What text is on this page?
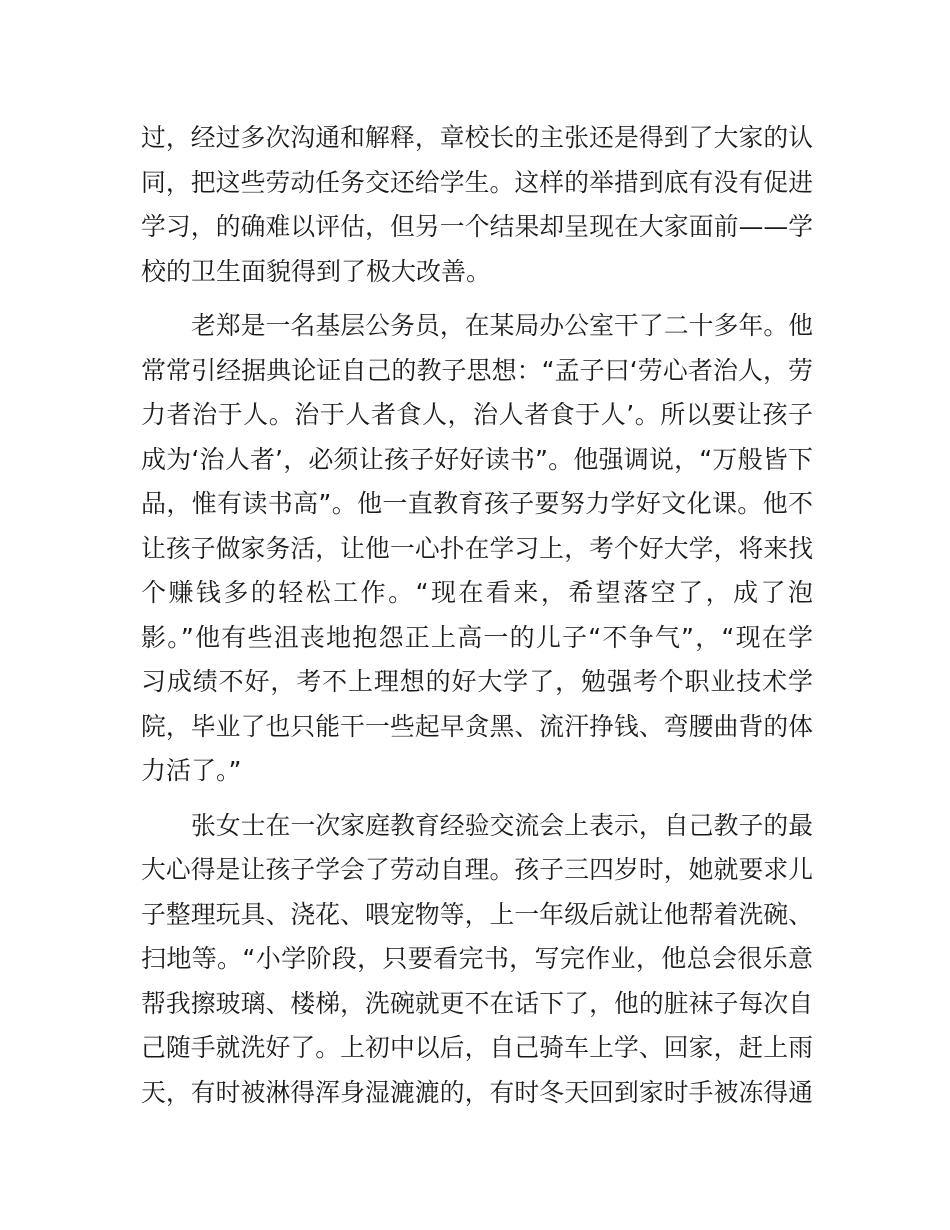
过，经过多次沟通和解释，章校长的主张还是得到了大家的认
同，把这些劳动任务交还给学生。这样的举措到底有没有促进
学习，的确难以评估，但另一个结果却呈现在大家面前——学
校的卫生面貌得到了极大改善。
老郑是一名基层公务员，在某局办公室干了二十多年。他
常常引经据典论证自己的教子思想：“孟子曰‘劳心者治人，劳
力者治于人。治于人者食人，治人者食于人’。所以要让孩子
成为‘治人者’，必须让孩子好好读书”。他强调说，“万般皆下
品，惟有读书高”。他一直教育孩子要努力学好文化课。他不
让孩子做家务活，让他一心扑在学习上，考个好大学，将来找
个赚钱多的轻松工作。“现在看来，希望落空了，成了泡
影。”他有些沮丧地抱怨正上高一的儿子“不争气”，“现在学
习成绩不好，考不上理想的好大学了，勉强考个职业技术学
院，毕业了也只能干一些起早贪黑、流汗挣钱、弯腰曲背的体
力活了。”
张女士在一次家庭教育经验交流会上表示，自己教子的最
大心得是让孩子学会了劳动自理。孩子三四岁时，她就要求儿
子整理玩具、浇花、喂宠物等，上一年级后就让他帮着洗碗、
扫地等。“小学阶段，只要看完书，写完作业，他总会很乐意
帮我擦玻璃、楼梯，洗碗就更不在话下了，他的脏袜子每次自
己随手就洗好了。上初中以后，自己骑车上学、回家，赶上雨
天，有时被淋得浑身湿漉漉的，有时冬天回到家时手被冻得通
